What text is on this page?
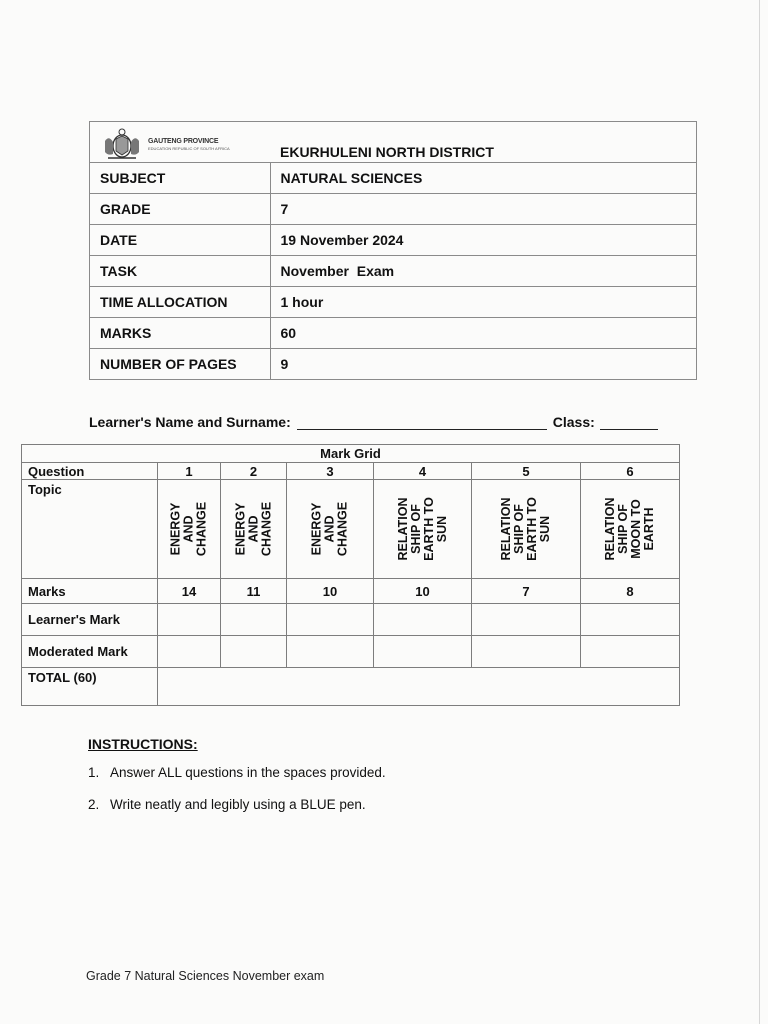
GAUTENG PROVINCE
EDUCATION REPUBLIC OF SOUTH AFRICA	EKURHULENI NORTH DISTRICT
SUBJECT	NATURAL SCIENCES
GRADE	7
DATE	19 November 2024
TASK	November  Exam
TIME ALLOCATION	1 hour
MARKS	60
NUMBER OF PAGES	9
Learner's Name and Surname:	Class:
Mark Grid						
Question	1	2	3	4	5	6
Topic	ENERGY
AND
CHANGE	ENERGY
AND
CHANGE	ENERGY
AND
CHANGE	RELATION
SHIP OF
EARTH TO
SUN	RELATION
SHIP OF
EARTH TO
SUN	RELATION
SHIP OF
MOON TO
EARTH

Marks	14	11	10	10	7	8
Learner's Mark						
Moderated Mark						
TOTAL (60)						
INSTRUCTIONS:
1. Answer ALL questions in the spaces provided.
2. Write neatly and legibly using a BLUE pen.
Grade 7 Natural Sciences November exam
